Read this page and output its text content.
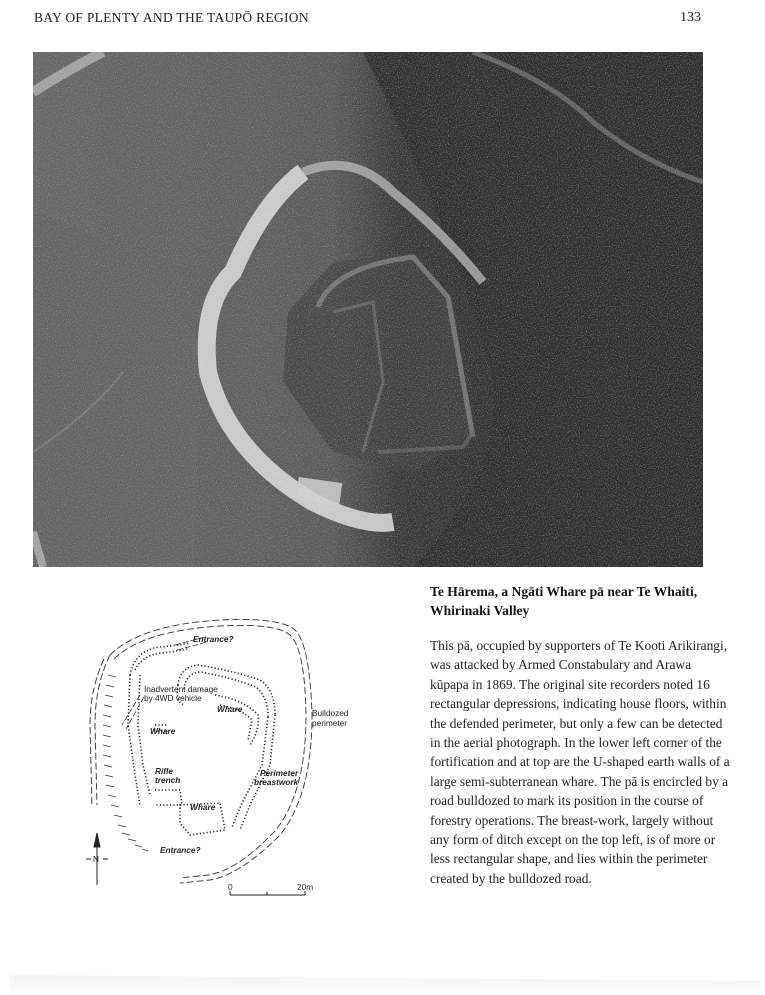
BAY OF PLENTY AND THE TAUPŌ REGION	133
Entrance?
Inadvertent damage
by 4WD vehicle
Whare
Whare
Bulldozed
perimeter
Rifle
trench
Perimeter
breastwork
Whare
Entrance?
N
0	20m
Te Hārema, a Ngāti Whare pā near Te Whaiti, Whirinaki Valley
This pā, occupied by supporters of Te Kooti Arikirangi, was attacked by Armed Constabulary and Arawa kūpapa in 1869. The original site recorders noted 16 rectangular depressions, indicating house floors, within the defended perimeter, but only a few can be detected in the aerial photograph. In the lower left corner of the fortification and at top are the U-shaped earth walls of a large semi-subterranean whare. The pā is encircled by a road bulldozed to mark its position in the course of forestry operations. The breast-work, largely without any form of ditch except on the top left, is of more or less rectangular shape, and lies within the perimeter created by the bulldozed road.
